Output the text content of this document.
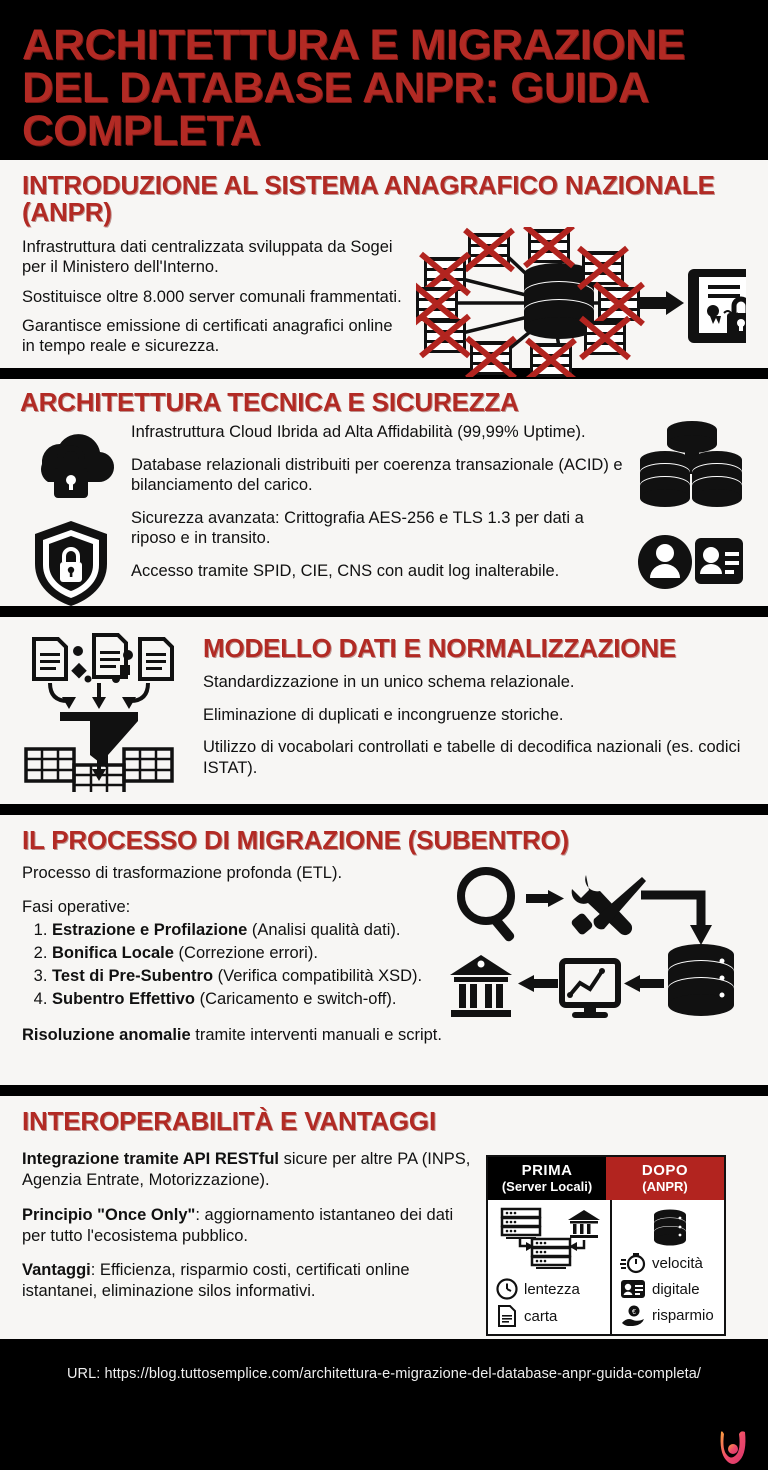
ARCHITETTURA E MIGRAZIONE DEL DATABASE ANPR: GUIDA COMPLETA
INTRODUZIONE AL SISTEMA ANAGRAFICO NAZIONALE (ANPR)

Infrastruttura dati centralizzata sviluppata da Sogei per il Ministero dell'Interno.

Sostituisce oltre 8.000 server comunali frammentati.

Garantisce emissione di certificati anagrafici online in tempo reale e sicurezza.

ARCHITETTURA TECNICA E SICUREZZA

Infrastruttura Cloud Ibrida ad Alta Affidabilità (99,99% Uptime).

Database relazionali distribuiti per coerenza transazionale (ACID) e bilanciamento del carico.

Sicurezza avanzata: Crittografia AES-256 e TLS 1.3 per dati a riposo e in transito.

Accesso tramite SPID, CIE, CNS con audit log inalterabile.

MODELLO DATI E NORMALIZZAZIONE

Standardizzazione in un unico schema relazionale.

Eliminazione di duplicati e incongruenze storiche.

Utilizzo di vocabolari controllati e tabelle di decodifica nazionali (es. codici ISTAT).

IL PROCESSO DI MIGRAZIONE (SUBENTRO)

Processo di trasformazione profonda (ETL).

Fasi operative:

1. Estrazione e Profilazione (Analisi qualità dati).
2. Bonifica Locale (Correzione errori).
3. Test di Pre-Subentro (Verifica compatibilità XSD).
4. Subentro Effettivo (Caricamento e switch-off).

Risoluzione anomalie tramite interventi manuali e script.

INTEROPERABILITÀ E VANTAGGI

Integrazione tramite API RESTful sicure per altre PA (INPS, Agenzia Entrate, Motorizzazione).

Principio "Once Only": aggiornamento istantaneo dei dati per tutto l'ecosistema pubblico.

Vantaggi: Efficienza, risparmio costi, certificati online istantanei, eliminazione silos informativi.

PRIMA
(Server Locali)
DOPO
(ANPR)
lentezza
carta
velocità
digitale
€ risparmio
URL: https://blog.tuttosemplice.com/architettura-e-migrazione-del-database-anpr-guida-completa/
